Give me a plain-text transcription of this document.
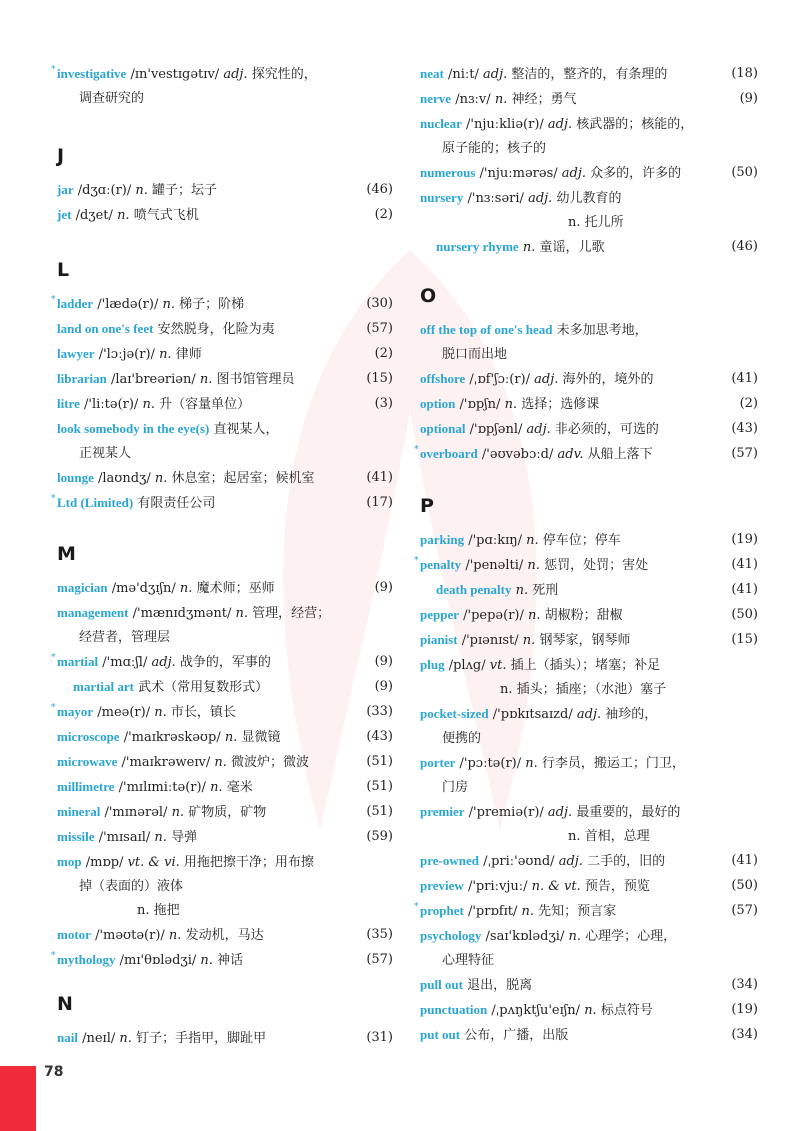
* investigative /ɪn'vestɪgətɪv/ adj. 探究性的，
调查研究的
J
jar /dʒɑː(r)/ n. 罐子；坛子	(46)
jet /dʒet/ n. 喷气式飞机	(2)
L
* ladder /'lædə(r)/ n. 梯子；阶梯	(30)
land on one's feet 安然脱身，化险为夷	(57)
lawyer /'lɔːjə(r)/ n. 律师	(2)
librarian /laɪ'breəriən/ n. 图书馆管理员	(15)
litre /'liːtə(r)/ n. 升（容量单位）	(3)
look somebody in the eye(s) 直视某人，
正视某人
lounge /laʊndʒ/ n. 休息室；起居室；候机室	(41)
* Ltd (Limited) 有限责任公司	(17)
M
magician /mə'dʒɪʃn/ n. 魔术师；巫师	(9)
management /'mænɪdʒmənt/ n. 管理，经营；
经营者，管理层
* martial /'mɑːʃl/ adj. 战争的，军事的	(9)
martial art 武术（常用复数形式）	(9)
* mayor /meə(r)/ n. 市长，镇长	(33)
microscope /'maɪkrəskəʊp/ n. 显微镜	(43)
microwave /'maɪkrəweɪv/ n. 微波炉；微波	(51)
millimetre /'mɪlɪmiːtə(r)/ n. 毫米	(51)
mineral /'mɪnərəl/ n. 矿物质，矿物	(51)
missile /'mɪsaɪl/ n. 导弹	(59)
mop /mɒp/ vt. & vi. 用拖把擦干净；用布擦
掉（表面的）液体
n. 拖把
motor /'məʊtə(r)/ n. 发动机，马达	(35)
* mythology /mɪ'θɒlədʒi/ n. 神话	(57)
N
nail /neɪl/ n. 钉子；手指甲，脚趾甲	(31)
neat /niːt/ adj. 整洁的，整齐的，有条理的	(18)
nerve /nɜːv/ n. 神经；勇气	(9)
nuclear /'njuːkliə(r)/ adj. 核武器的；核能的，
原子能的；核子的
numerous /'njuːmərəs/ adj. 众多的，许多的	(50)
nursery /'nɜːsəri/ adj. 幼儿教育的
n. 托儿所
nursery rhyme n. 童谣，儿歌	(46)
O
off the top of one's head 未多加思考地，
脱口而出地
offshore /ˌɒf'ʃɔː(r)/ adj. 海外的，境外的	(41)
option /'ɒpʃn/ n. 选择；选修课	(2)
optional /'ɒpʃənl/ adj. 非必须的，可选的	(43)
* overboard /'əʊvəbɔːd/ adv. 从船上落下	(57)
P
parking /'pɑːkɪŋ/ n. 停车位；停车	(19)
* penalty /'penəlti/ n. 惩罚，处罚；害处	(41)
death penalty n. 死刑	(41)
pepper /'pepə(r)/ n. 胡椒粉；甜椒	(50)
pianist /'pɪənɪst/ n. 钢琴家，钢琴师	(15)
plug /plʌg/ vt. 插上（插头）；堵塞；补足
n. 插头；插座；（水池）塞子
pocket-sized /'pɒkɪtsaɪzd/ adj. 袖珍的，
便携的
porter /'pɔːtə(r)/ n. 行李员，搬运工；门卫，
门房
premier /'premiə(r)/ adj. 最重要的，最好的
n. 首相，总理
pre-owned /ˌpriː'əʊnd/ adj. 二手的，旧的	(41)
preview /'priːvjuː/ n. & vt. 预告，预览	(50)
* prophet /'prɒfɪt/ n. 先知；预言家	(57)
psychology /saɪ'kɒlədʒi/ n. 心理学；心理，
心理特征
pull out 退出，脱离	(34)
punctuation /ˌpʌŋktʃu'eɪʃn/ n. 标点符号	(19)
put out 公布，广播，出版	(34)
78
